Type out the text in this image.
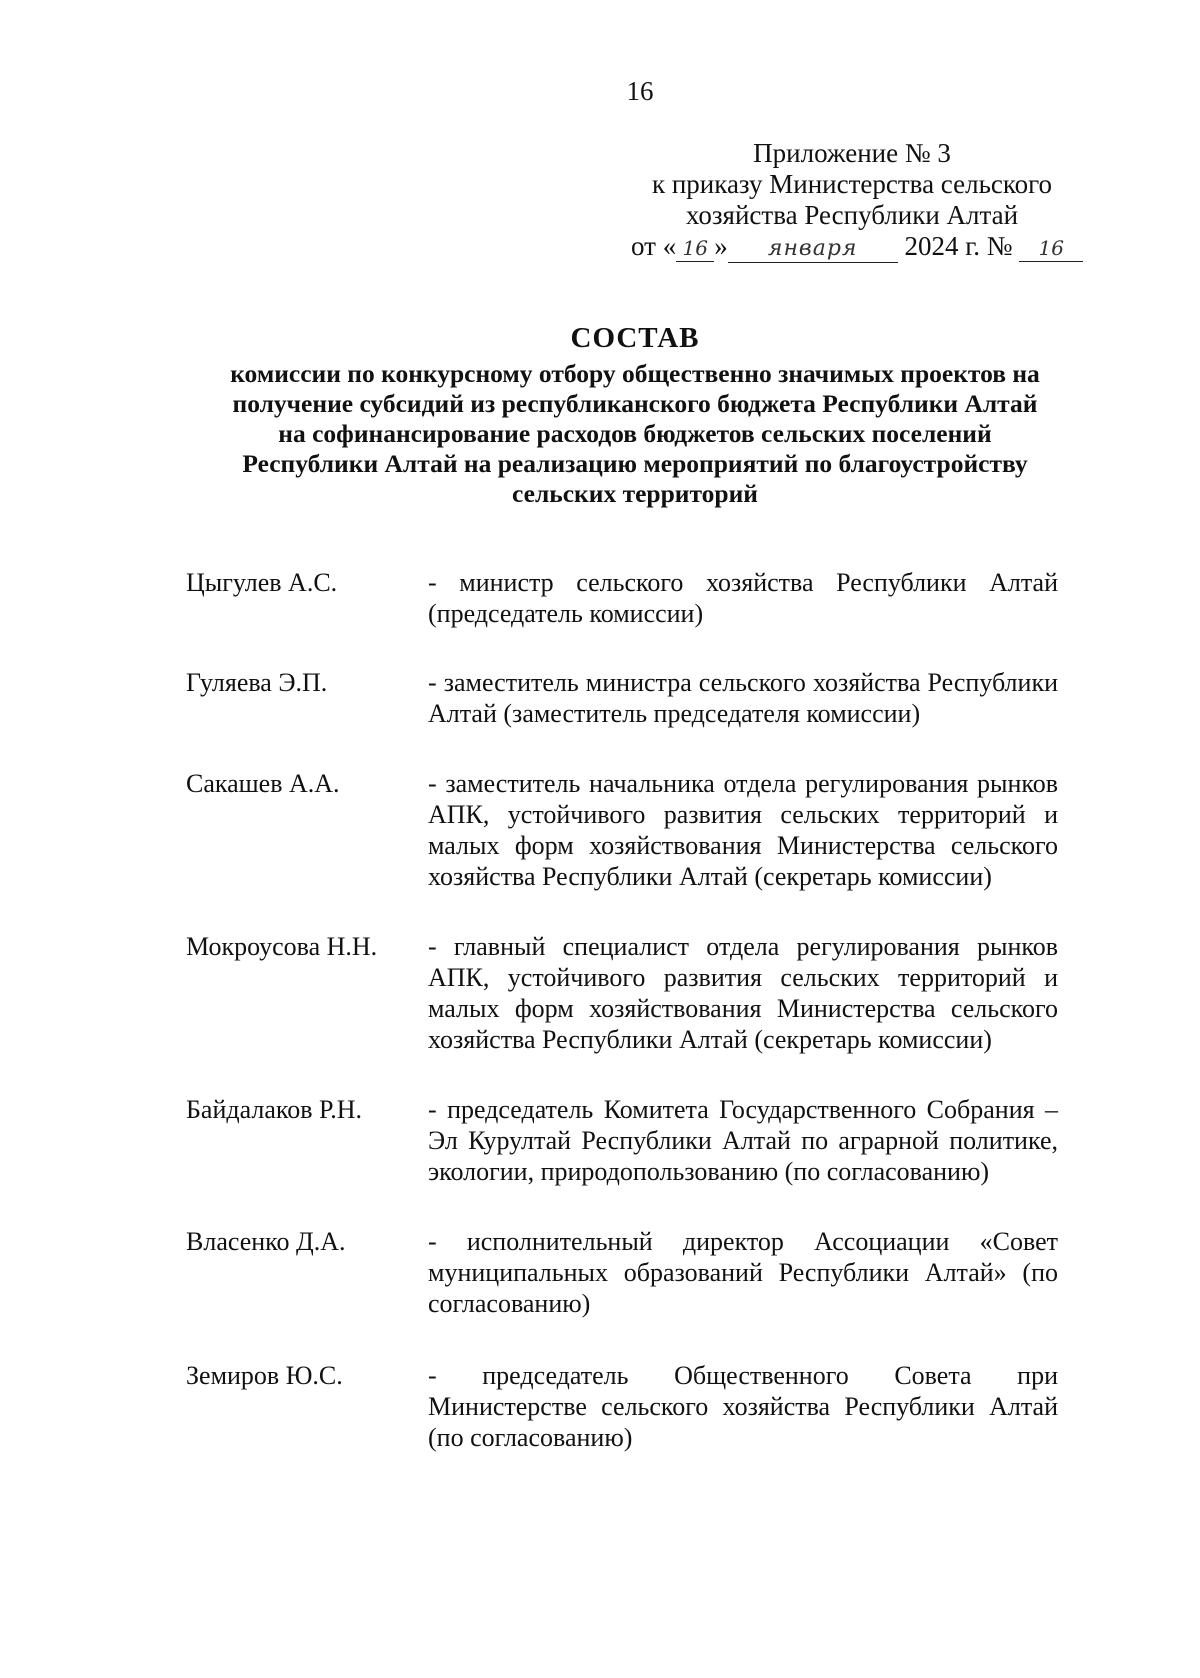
16
Приложение № 3
к приказу Министерства сельского
хозяйства Республики Алтай
от « 16 » января 2024 г. № 16
СОСТАВ
комиссии по конкурсному отбору общественно значимых проектов на
получение субсидий из республиканского бюджета Республики Алтай
на софинансирование расходов бюджетов сельских поселений
Республики Алтай на реализацию мероприятий по благоустройству
сельских территорий
Цыгулев А.С.	- министр сельского хозяйства Республики Алтай (председатель комиссии)
Гуляева Э.П.	- заместитель министра сельского хозяйства Республики Алтай (заместитель председателя комиссии)
Сакашев А.А.	- заместитель начальника отдела регулирования рынков АПК, устойчивого развития сельских территорий и малых форм хозяйствования Министерства сельского хозяйства Республики Алтай (секретарь комиссии)
Мокроусова Н.Н.	- главный специалист отдела регулирования рынков АПК, устойчивого развития сельских территорий и малых форм хозяйствования Министерства сельского хозяйства Республики Алтай (секретарь комиссии)
Байдалаков Р.Н.	- председатель Комитета Государственного Собрания – Эл Курултай Республики Алтай по аграрной политике, экологии, природопользованию (по согласованию)
Власенко Д.А.	- исполнительный директор Ассоциации «Совет муниципальных образований Республики Алтай» (по согласованию)
Земиров Ю.С.	- председатель Общественного Совета при Министерстве сельского хозяйства Республики Алтай (по согласованию)
